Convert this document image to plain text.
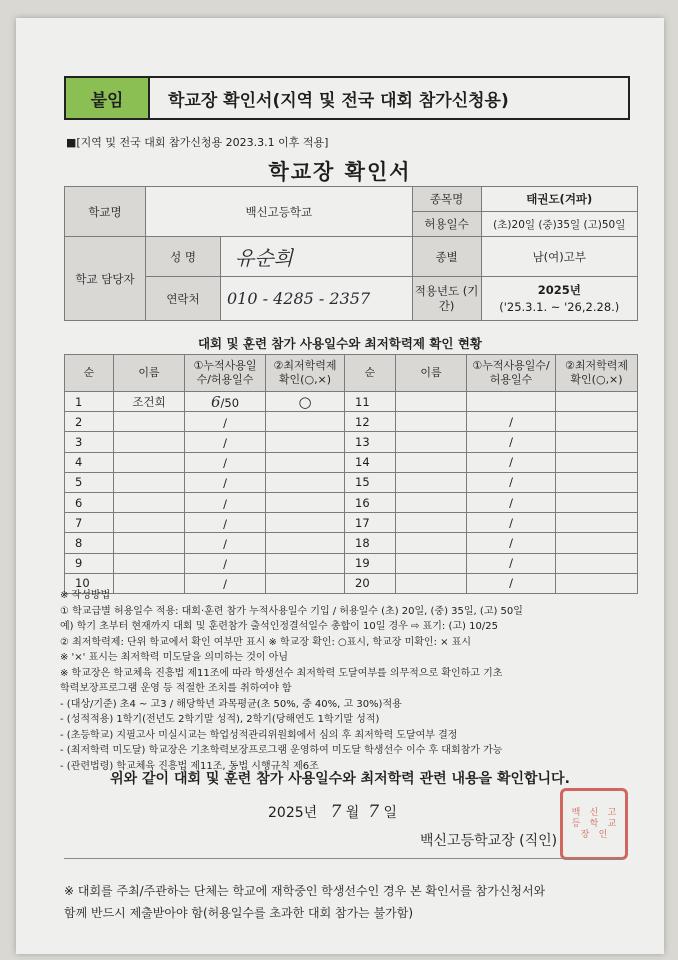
붙임	학교장 확인서(지역 및 전국 대회 참가신청용)
■[지역 및 전국 대회 참가신청용 2023.3.1 이후 적용]
학교장 확인서
학교명	백신고등학교		종목명	태권도(겨파)
			허용일수	(초)20일 (중)35일 (고)50일
학교 담당자	성 명	유순희	종별	남(여)고부
	연락처	010 - 4285 - 2357	적용년도 (기간)	2025년
('25.3.1. ~ '26,2.28.)
대회 및 훈련 참가 사용일수와 최저학력제 확인 현황
순	이름	①누적사용일수/허용일수	②최저학력제 확인(○,×)	순	이름	①누적사용일수/허용일수	②최저학력제 확인(○,×)
1	조건희	6/50	○	11			
2		/		12		/	
3		/		13		/	
4		/		14		/	
5		/		15		/	
6		/		16		/	
7		/		17		/	
8		/		18		/	
9		/		19		/	
10		/		20		/	
※ 작성방법
① 학교급별 허용일수 적용: 대회·훈련 참가 누적사용일수 기입 / 허용일수 (초) 20일, (중) 35일, (고) 50일
예) 학기 초부터 현재까지 대회 및 훈련참가 출석인정결석일수 총합이 10일 경우 ⇨ 표기: (고) 10/25
② 최저학력제: 단위 학교에서 확인 여부만 표시 ※ 학교장 확인: ○표시, 학교장 미확인: × 표시
※ '×' 표시는 최저학력 미도달을 의미하는 것이 아님
※ 학교장은 학교체육 진흥법 제11조에 따라 학생선수 최저학력 도달여부를 의무적으로 확인하고 기초
학력보장프로그램 운영 등 적절한 조치를 취하여야 함
- (대상/기준) 초4 ~ 고3 / 해당학년 과목평균(초 50%, 중 40%, 고 30%)적용
- (성적적용) 1학기(전년도 2학기말 성적), 2학기(당해연도 1학기말 성적)
- (초등학교) 지필고사 미실시교는 학업성적관리위원회에서 심의 후 최저학력 도달여부 결정
- (최저학력 미도달) 학교장은 기초학력보장프로그램 운영하여 미도달 학생선수 이수 후 대회참가 가능
- (관련법령) 학교체육 진흥법 제11조, 동법 시행규칙 제6조
위와 같이 대회 및 훈련 참가 사용일수와 최저학력 관련 내용을 확인합니다.
2025년 7 월 7 일
백신고등학교장 (직인)
백	신	고
등	학	교
장	인
※ 대회를 주최/주관하는 단체는 학교에 재학중인 학생선수인 경우 본 확인서를 참가신청서와
함께 반드시 제출받아야 함(허용일수를 초과한 대회 참가는 불가함)
